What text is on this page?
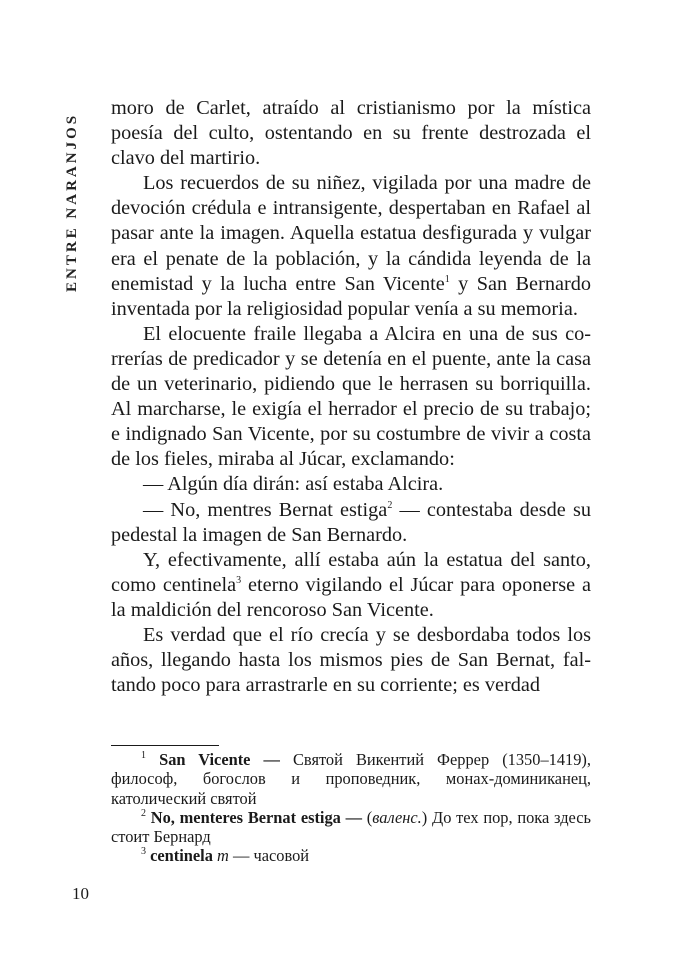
ENTRE NARANJOS

moro de Carlet, atraído al cristianismo por la mística poesía del culto, ostentando en su frente destrozada el clavo del martirio.

Los recuerdos de su niñez, vigilada por una madre de devoción crédula e intransigente, despertaban en Rafael al pasar ante la imagen. Aquella estatua desfigurada y vulgar era el penate de la población, y la cándida leyenda de la enemistad y la lucha entre San Vicente$^1$ y San Bernardo inventada por la religiosidad popular venía a su memoria.

El elocuente fraile llegaba a Alcira en una de sus correrías de predicador y se detenía en el puente, ante la casa de un veterinario, pidiendo que le herrasen su borriquilla. Al marcharse, le exigía el herrador el precio de su trabajo; e indignado San Vicente, por su costumbre de vivir a costa de los fieles, miraba al Júcar, exclamando:

— Algún día dirán: así estaba Alcira.

— No, mentres Bernat estiga$^2$ — contestaba desde su pedestal la imagen de San Bernardo.

Y, efectivamente, allí estaba aún la estatua del santo, como centinela$^3$ eterno vigilando el Júcar para oponerse a la maldición del rencoroso San Vicente.

Es verdad que el río crecía y se desbordaba todos los años, llegando hasta los mismos pies de San Bernat, faltando poco para arrastrarle en su corriente; es verdad

$^1$ San Vicente — Святой Викентий Феррер (1350–1419), философ, богослов и проповедник, монах-доминиканец, католический святой

$^2$ No, menteres Bernat estiga — (валенс.) До тех пор, пока здесь стоит Бернард

$^3$ centinela m — часовой

10
